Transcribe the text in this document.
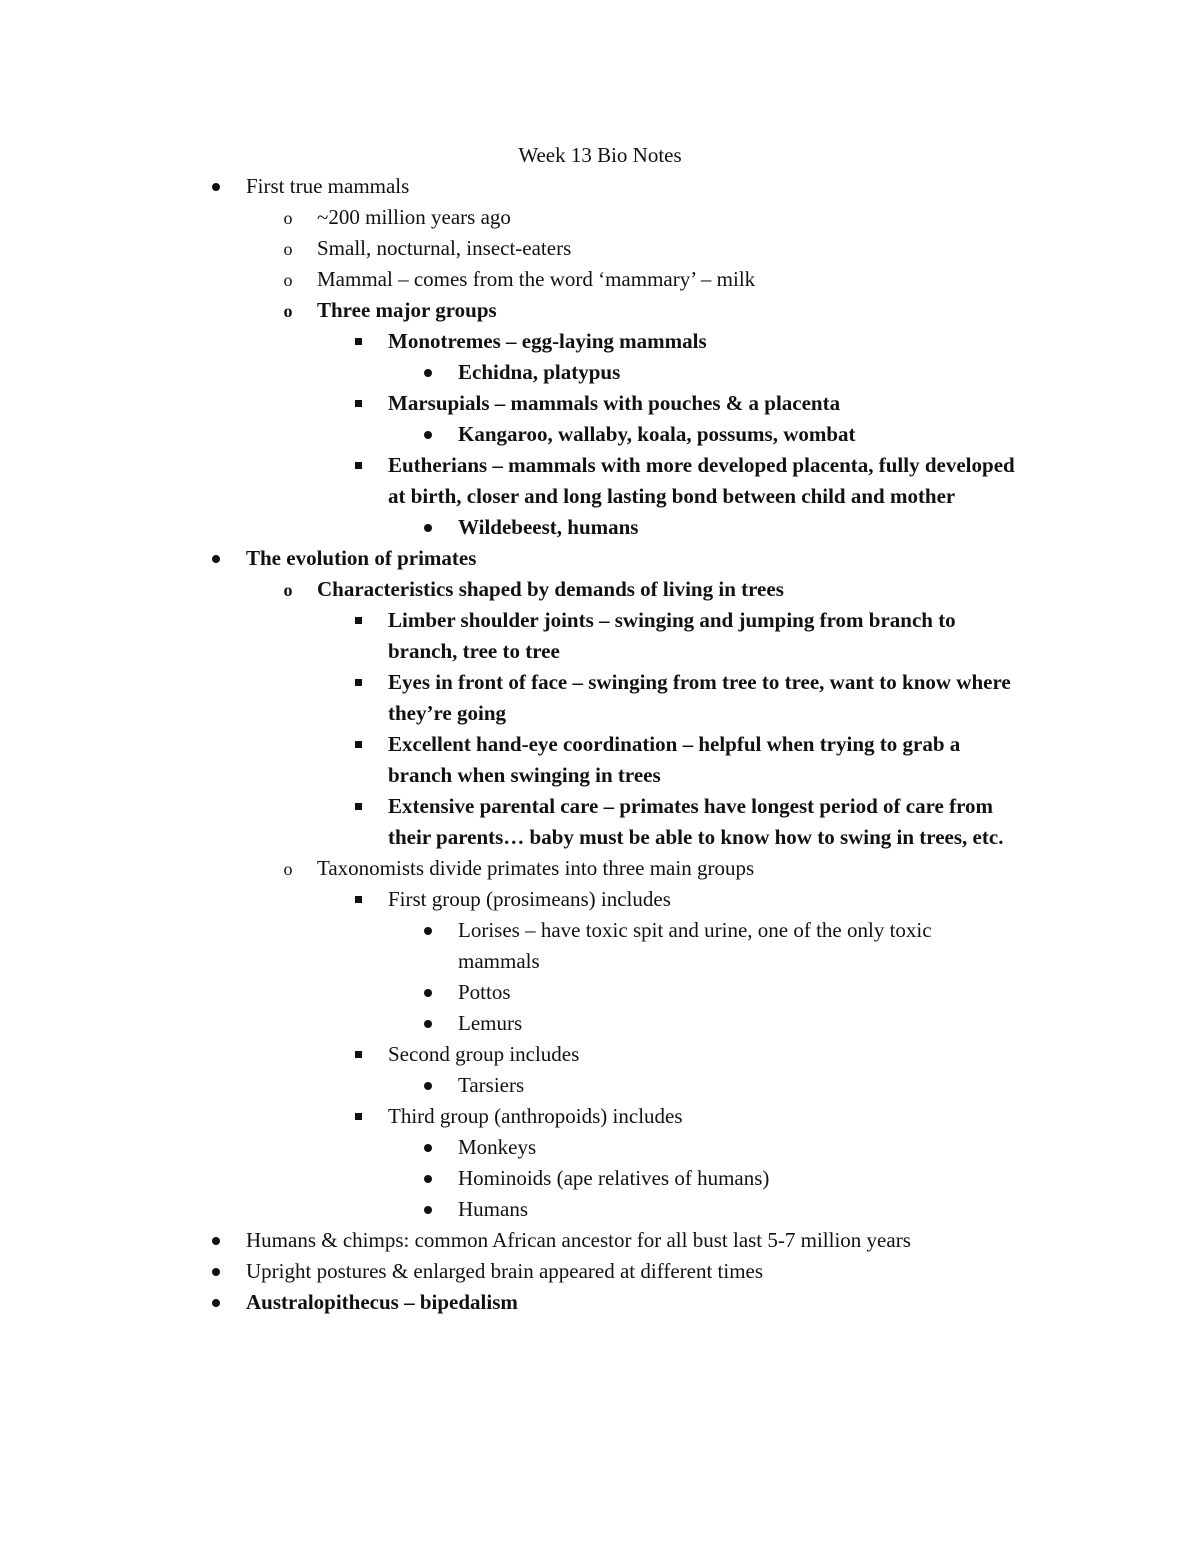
Week 13 Bio Notes
First true mammals
o ~200 million years ago
o Small, nocturnal, insect-eaters
o Mammal – comes from the word ‘mammary’ – milk
o Three major groups
Monotremes – egg-laying mammals
Echidna, platypus
Marsupials – mammals with pouches & a placenta
Kangaroo, wallaby, koala, possums, wombat
Eutherians – mammals with more developed placenta, fully developed at birth, closer and long lasting bond between child and mother
Wildebeest, humans
The evolution of primates
o Characteristics shaped by demands of living in trees
Limber shoulder joints – swinging and jumping from branch to branch, tree to tree
Eyes in front of face – swinging from tree to tree, want to know where they’re going
Excellent hand-eye coordination – helpful when trying to grab a branch when swinging in trees
Extensive parental care – primates have longest period of care from their parents… baby must be able to know how to swing in trees, etc.
o Taxonomists divide primates into three main groups
First group (prosimeans) includes
Lorises – have toxic spit and urine, one of the only toxic mammals
Pottos
Lemurs
Second group includes
Tarsiers
Third group (anthropoids) includes
Monkeys
Hominoids (ape relatives of humans)
Humans
Humans & chimps: common African ancestor for all bust last 5-7 million years
Upright postures & enlarged brain appeared at different times
Australopithecus – bipedalism
